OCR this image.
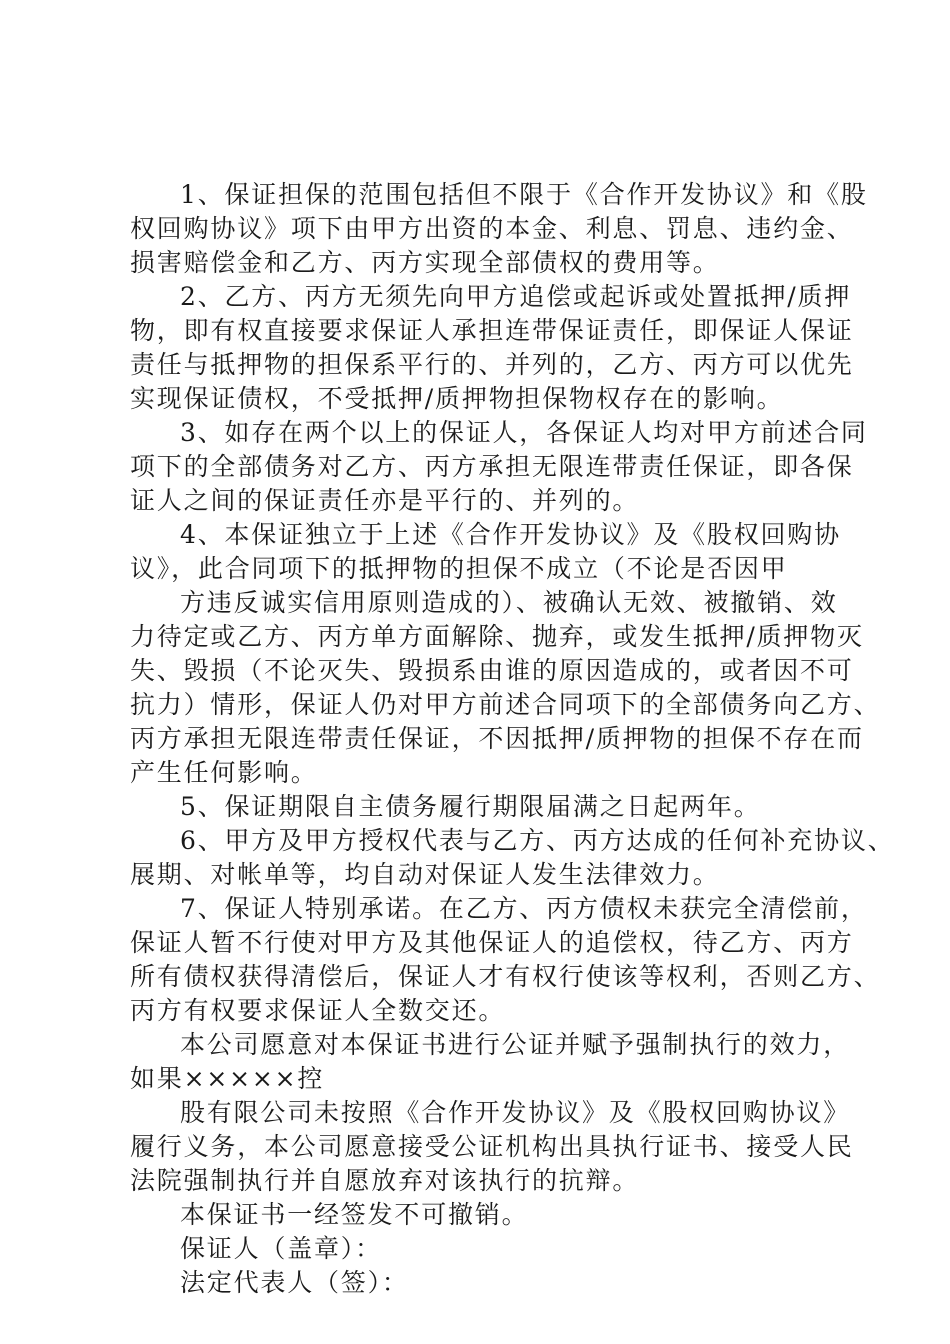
1、保证担保的范围包括但不限于《合作开发协议》和《股
权回购协议》项下由甲方出资的本金、利息、罚息、违约金、
损害赔偿金和乙方、丙方实现全部债权的费用等。
2、乙方、丙方无须先向甲方追偿或起诉或处置抵押/质押
物，即有权直接要求保证人承担连带保证责任，即保证人保证
责任与抵押物的担保系平行的、并列的，乙方、丙方可以优先
实现保证债权，不受抵押/质押物担保物权存在的影响。
3、如存在两个以上的保证人，各保证人均对甲方前述合同
项下的全部债务对乙方、丙方承担无限连带责任保证，即各保
证人之间的保证责任亦是平行的、并列的。
4、本保证独立于上述《合作开发协议》及《股权回购协
议》，此合同项下的抵押物的担保不成立（不论是否因甲
方违反诚实信用原则造成的）、被确认无效、被撤销、效
力待定或乙方、丙方单方面解除、抛弃，或发生抵押/质押物灭
失、毁损（不论灭失、毁损系由谁的原因造成的，或者因不可
抗力）情形，保证人仍对甲方前述合同项下的全部债务向乙方、
丙方承担无限连带责任保证，不因抵押/质押物的担保不存在而
产生任何影响。
5、保证期限自主债务履行期限届满之日起两年。
6、甲方及甲方授权代表与乙方、丙方达成的任何补充协议、
展期、对帐单等，均自动对保证人发生法律效力。
7、保证人特别承诺。在乙方、丙方债权未获完全清偿前，
保证人暂不行使对甲方及其他保证人的追偿权，待乙方、丙方
所有债权获得清偿后，保证人才有权行使该等权利，否则乙方、
丙方有权要求保证人全数交还。
本公司愿意对本保证书进行公证并赋予强制执行的效力，
如果×××××控
股有限公司未按照《合作开发协议》及《股权回购协议》
履行义务，本公司愿意接受公证机构出具执行证书、接受人民
法院强制执行并自愿放弃对该执行的抗辩。
本保证书一经签发不可撤销。
保证人（盖章）：
法定代表人（签）：
